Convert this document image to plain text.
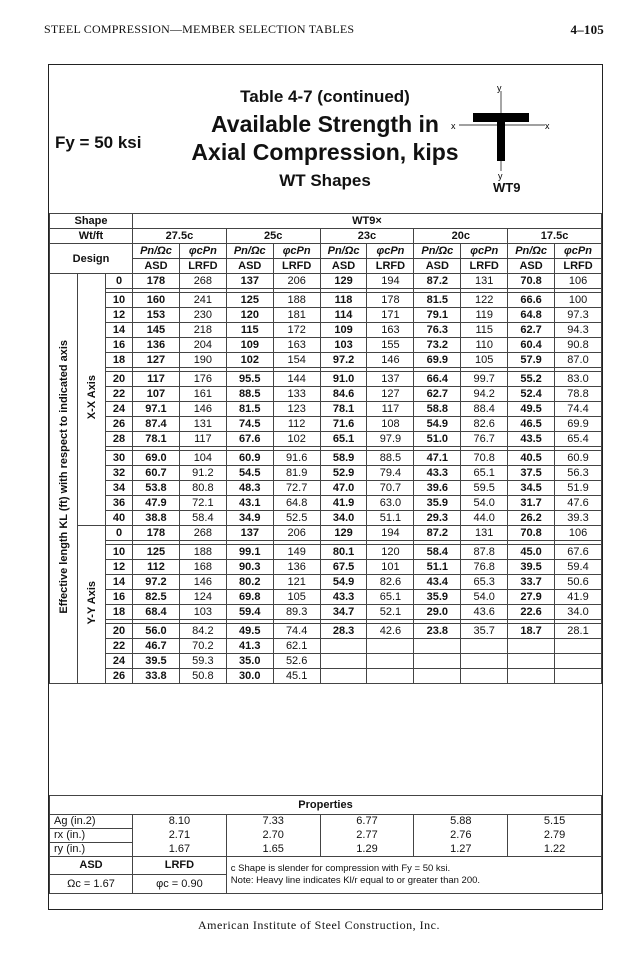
STEEL COMPRESSION—MEMBER SELECTION TABLES	4–105
Fy = 50 ksi
Table 4-7 (continued)
Available Strength in
Axial Compression, kips
WT Shapes
y
x	x
y
WT9
Shape			WT9×									
Wt/ft			27.5c		25c		23c		20c		17.5c	
Design			Pn/Ωc	φcPn	Pn/Ωc	φcPn	Pn/Ωc	φcPn	Pn/Ωc	φcPn	Pn/Ωc	φcPn
			ASD	LRFD	ASD	LRFD	ASD	LRFD	ASD	LRFD	ASD	LRFD
Effective length KL (ft) with respect to indicated axis	X-X Axis	0	178	268	137	206	129	194	87.2	131	70.8	106

		10	160	241	125	188	118	178	81.5	122	66.6	100
		12	153	230	120	181	114	171	79.1	119	64.8	97.3
		14	145	218	115	172	109	163	76.3	115	62.7	94.3
		16	136	204	109	163	103	155	73.2	110	60.4	90.8
		18	127	190	102	154	97.2	146	69.9	105	57.9	87.0

		20	117	176	95.5	144	91.0	137	66.4	99.7	55.2	83.0
		22	107	161	88.5	133	84.6	127	62.7	94.2	52.4	78.8
		24	97.1	146	81.5	123	78.1	117	58.8	88.4	49.5	74.4
		26	87.4	131	74.5	112	71.6	108	54.9	82.6	46.5	69.9
		28	78.1	117	67.6	102	65.1	97.9	51.0	76.7	43.5	65.4

		30	69.0	104	60.9	91.6	58.9	88.5	47.1	70.8	40.5	60.9
		32	60.7	91.2	54.5	81.9	52.9	79.4	43.3	65.1	37.5	56.3
		34	53.8	80.8	48.3	72.7	47.0	70.7	39.6	59.5	34.5	51.9
		36	47.9	72.1	43.1	64.8	41.9	63.0	35.9	54.0	31.7	47.6
		40	38.8	58.4	34.9	52.5	34.0	51.1	29.3	44.0	26.2	39.3
	Y-Y Axis	0	178	268	137	206	129	194	87.2	131	70.8	106

		10	125	188	99.1	149	80.1	120	58.4	87.8	45.0	67.6
		12	112	168	90.3	136	67.5	101	51.1	76.8	39.5	59.4
		14	97.2	146	80.2	121	54.9	82.6	43.4	65.3	33.7	50.6
		16	82.5	124	69.8	105	43.3	65.1	35.9	54.0	27.9	41.9
		18	68.4	103	59.4	89.3	34.7	52.1	29.0	43.6	22.6	34.0

		20	56.0	84.2	49.5	74.4	28.3	42.6	23.8	35.7	18.7	28.1
		22	46.7	70.2	41.3	62.1						
		24	39.5	59.3	35.0	52.6						
		26	33.8	50.8	30.0	45.1						
Properties					
Ag (in.2)	8.10	7.33	6.77	5.88	5.15
rx (in.)	2.71	2.70	2.77	2.76	2.79
ry (in.)	1.67	1.65	1.29	1.27	1.22
ASD	LRFD	c Shape is slender for compression with Fy = 50 ksi.
Note: Heavy line indicates Kl/r equal to or greater than 200.			

Ωc = 1.67	φc = 0.90				
American Institute of Steel Construction, Inc.
